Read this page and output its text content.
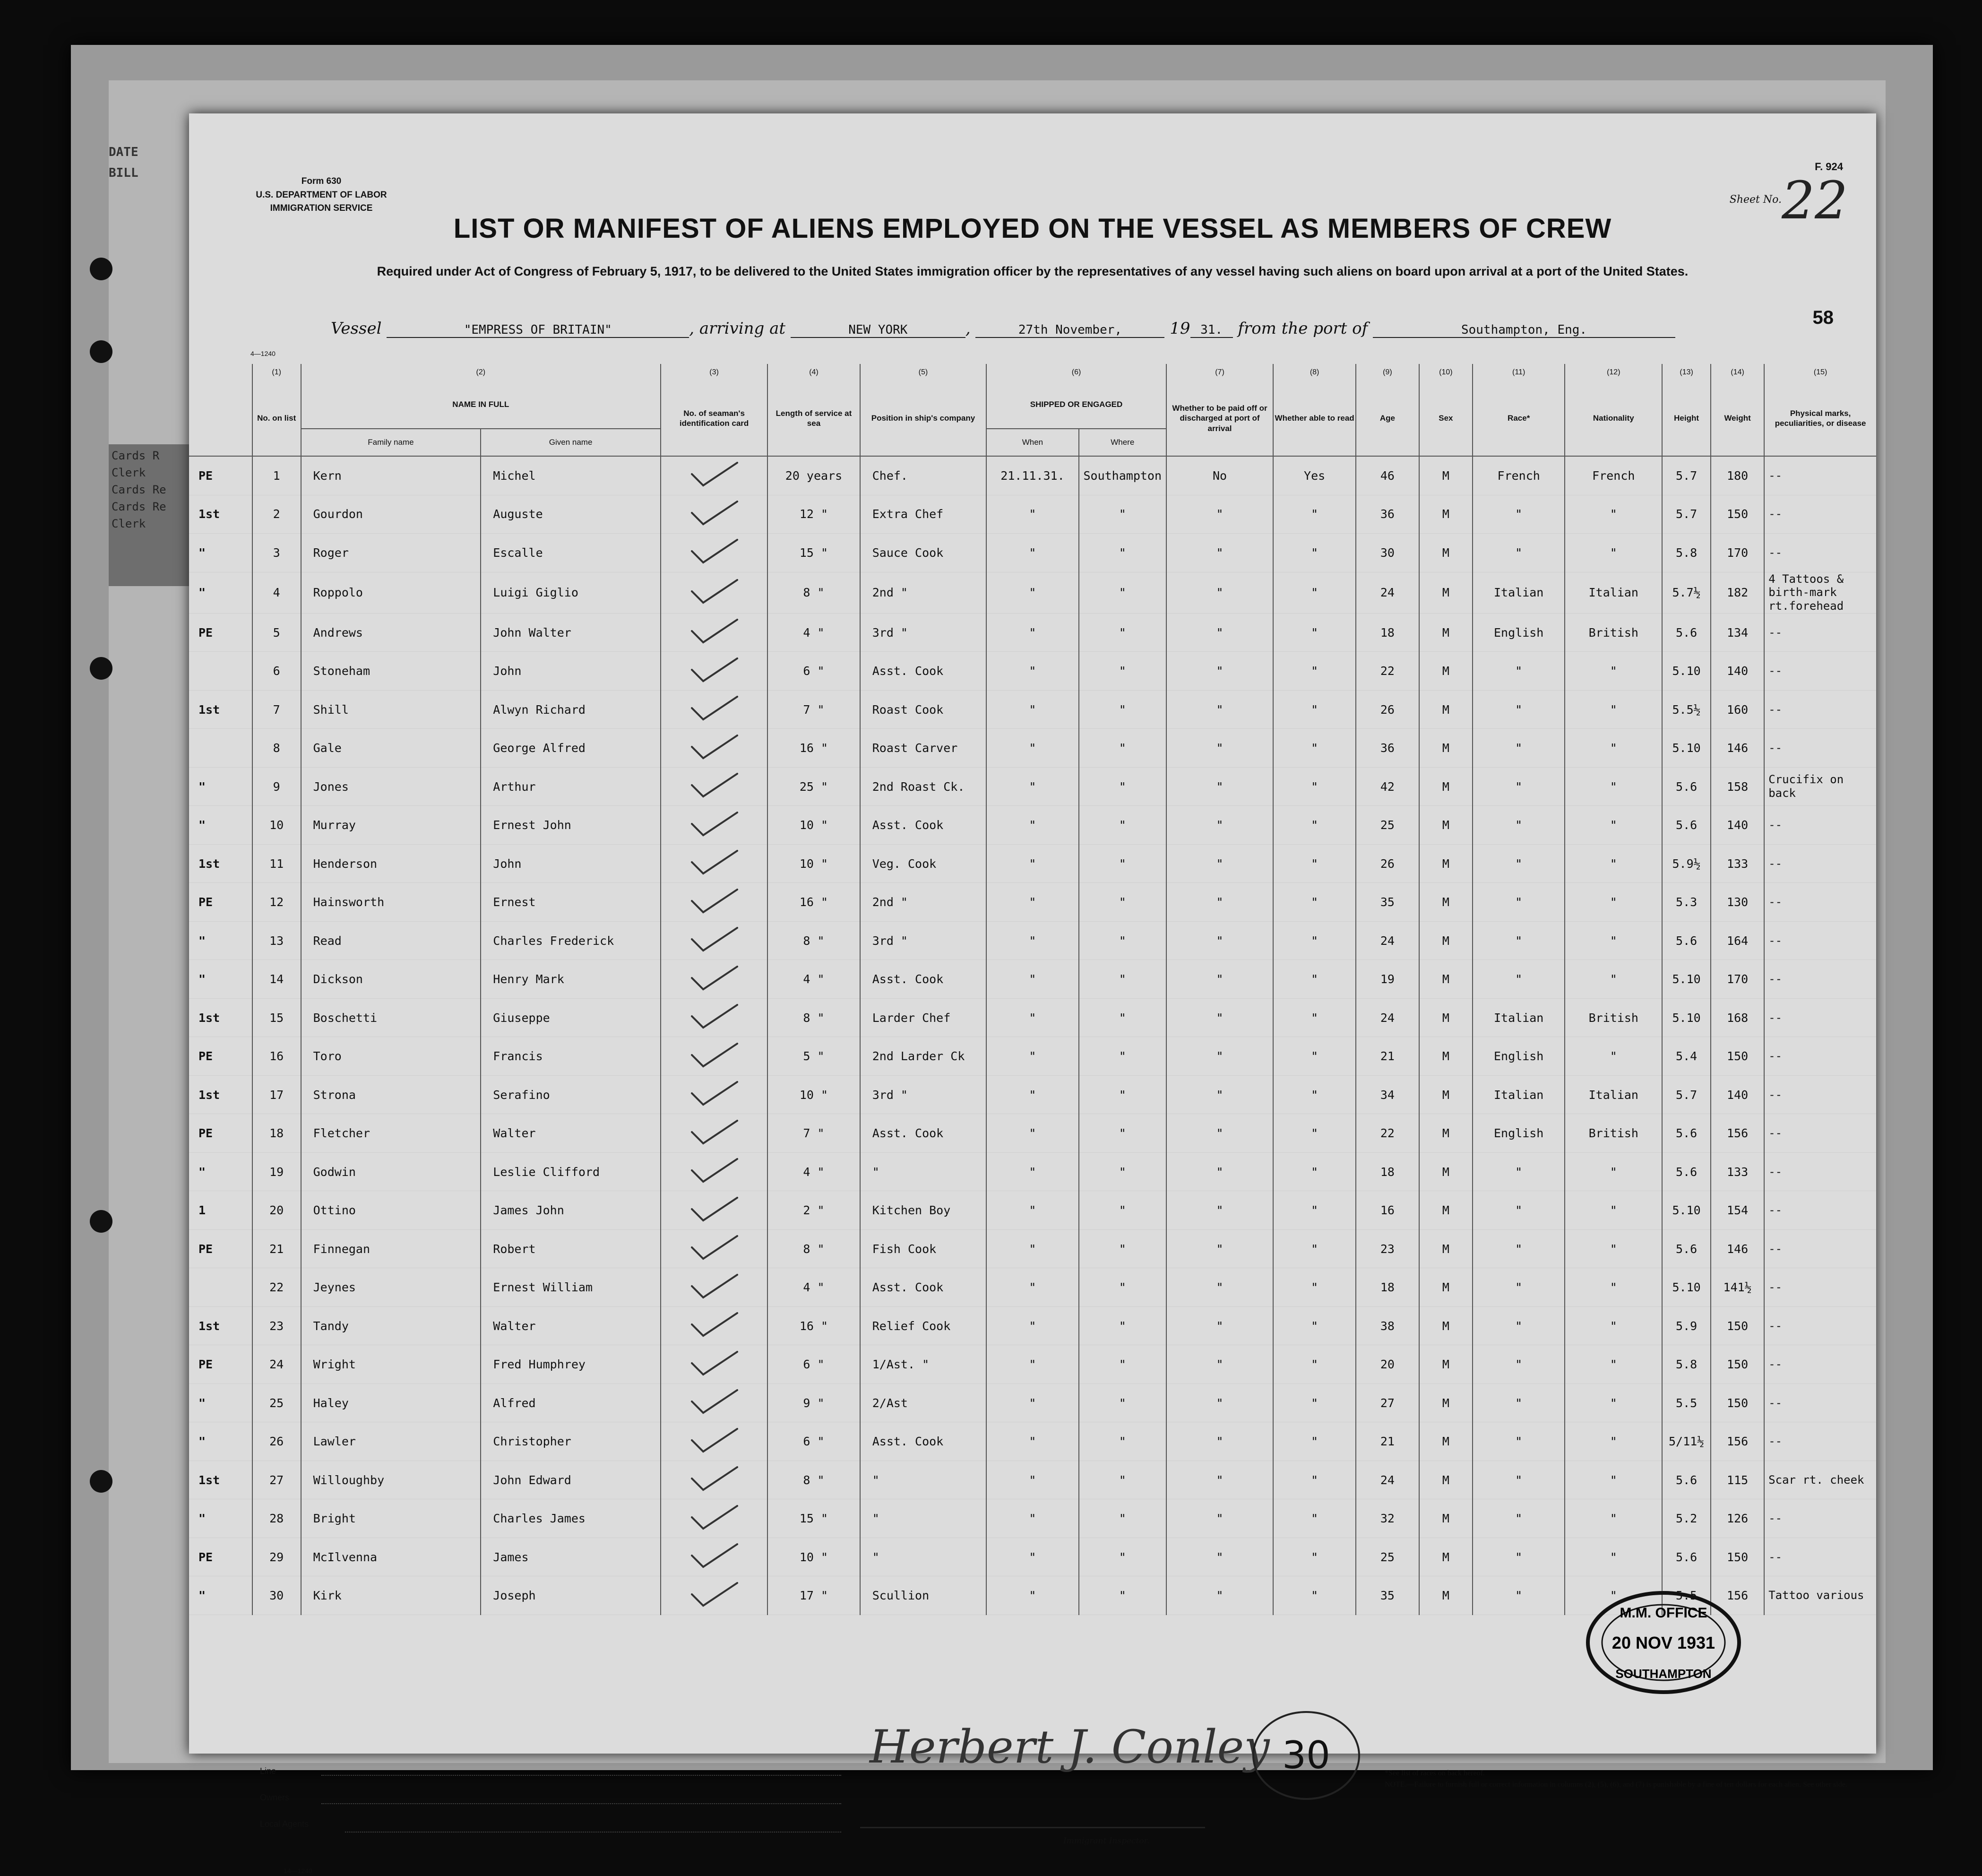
DATE
BILL
Cards R
Clerk
Cards Re
Cards Re
Clerk
Form 630
U.S. DEPARTMENT OF LABOR
IMMIGRATION SERVICE
F. 924
Sheet No. 22
LIST OR MANIFEST OF ALIENS EMPLOYED ON THE VESSEL AS MEMBERS OF CREW
Required under Act of Congress of February 5, 1917, to be delivered to the United States immigration officer by the representatives of any vessel having such aliens on board upon arrival at a port of the United States.
58
Vessel	"EMPRESS OF BRITAIN"	, arriving at	NEW YORK	,	27th November,	19 31. from the port of	Southampton, Eng.
4—1240
	(1)	(2)		(3)	(4)	(5)	(6)		(7)	(8)	(9)	(10)	(11)	(12)	(13)	(14)	(15)
	No. on list	NAME IN FULL		No. of seaman's identification card	Length of service at sea	Position in ship's company	SHIPPED OR ENGAGED		Whether to be paid off or discharged at port of arrival	Whether able to read	Age	Sex	Race*	Nationality	Height	Weight	Physical marks, peculiarities, or disease
		Family name	Given name				When	Where									
PE	1	Kern	Michel		20 years	Chef.	21.11.31.	Southampton	No	Yes	46	M	French	French	5.7	180	--
1st	2	Gourdon	Auguste		12 "	Extra Chef	"	"	"	"	36	M	"	"	5.7	150	--
"	3	Roger	Escalle		15 "	Sauce Cook	"	"	"	"	30	M	"	"	5.8	170	--
"	4	Roppolo	Luigi Giglio		8 "	2nd "	"	"	"	"	24	M	Italian	Italian	5.7½	182	4 Tattoos & birth-mark rt.forehead
PE	5	Andrews	John Walter		4 "	3rd "	"	"	"	"	18	M	English	British	5.6	134	--
	6	Stoneham	John		6 "	Asst. Cook	"	"	"	"	22	M	"	"	5.10	140	--
1st	7	Shill	Alwyn Richard		7 "	Roast Cook	"	"	"	"	26	M	"	"	5.5½	160	--
	8	Gale	George Alfred		16 "	Roast Carver	"	"	"	"	36	M	"	"	5.10	146	--
"	9	Jones	Arthur		25 "	2nd Roast Ck.	"	"	"	"	42	M	"	"	5.6	158	Crucifix on back
"	10	Murray	Ernest John		10 "	Asst. Cook	"	"	"	"	25	M	"	"	5.6	140	--
1st	11	Henderson	John		10 "	Veg. Cook	"	"	"	"	26	M	"	"	5.9½	133	--
PE	12	Hainsworth	Ernest		16 "	2nd "	"	"	"	"	35	M	"	"	5.3	130	--
"	13	Read	Charles Frederick		8 "	3rd "	"	"	"	"	24	M	"	"	5.6	164	--
"	14	Dickson	Henry Mark		4 "	Asst. Cook	"	"	"	"	19	M	"	"	5.10	170	--
1st	15	Boschetti	Giuseppe		8 "	Larder Chef	"	"	"	"	24	M	Italian	British	5.10	168	--
PE	16	Toro	Francis		5 "	2nd Larder Ck	"	"	"	"	21	M	English	"	5.4	150	--
1st	17	Strona	Serafino		10 "	3rd "	"	"	"	"	34	M	Italian	Italian	5.7	140	--
PE	18	Fletcher	Walter		7 "	Asst. Cook	"	"	"	"	22	M	English	British	5.6	156	--
"	19	Godwin	Leslie Clifford		4 "	"	"	"	"	"	18	M	"	"	5.6	133	--
1	20	Ottino	James John		2 "	Kitchen Boy	"	"	"	"	16	M	"	"	5.10	154	--
PE	21	Finnegan	Robert		8 "	Fish Cook	"	"	"	"	23	M	"	"	5.6	146	--
	22	Jeynes	Ernest William		4 "	Asst. Cook	"	"	"	"	18	M	"	"	5.10	141½	--
1st	23	Tandy	Walter		16 "	Relief Cook	"	"	"	"	38	M	"	"	5.9	150	--
PE	24	Wright	Fred Humphrey		6 "	1/Ast. "	"	"	"	"	20	M	"	"	5.8	150	--
"	25	Haley	Alfred		9 "	2/Ast	"	"	"	"	27	M	"	"	5.5	150	--
"	26	Lawler	Christopher		6 "	Asst. Cook	"	"	"	"	21	M	"	"	5/11½	156	--
1st	27	Willoughby	John Edward		8 "	"	"	"	"	"	24	M	"	"	5.6	115	Scar rt. cheek
"	28	Bright	Charles James		15 "	"	"	"	"	"	32	M	"	"	5.2	126	--
PE	29	McIlvenna	James		10 "	"	"	"	"	"	25	M	"	"	5.6	150	--
"	30	Kirk	Joseph		17 "	Scullion	"	"	"	"	35	M	"	"	5.5	156	Tattoo various
M.M. OFFICE
20 NOV 1931
SOUTHAMPTON
Line
Owners
Local Agents
14—1240
Herbert J. Conley
Immigrant Inspector.
30	*See list of races on back hereof.
NOTE.—Failure to furnish full or correct information in columns (2), (5), (6), and (7) is punishable by a fine of ten dollars for each alien. See other side.
